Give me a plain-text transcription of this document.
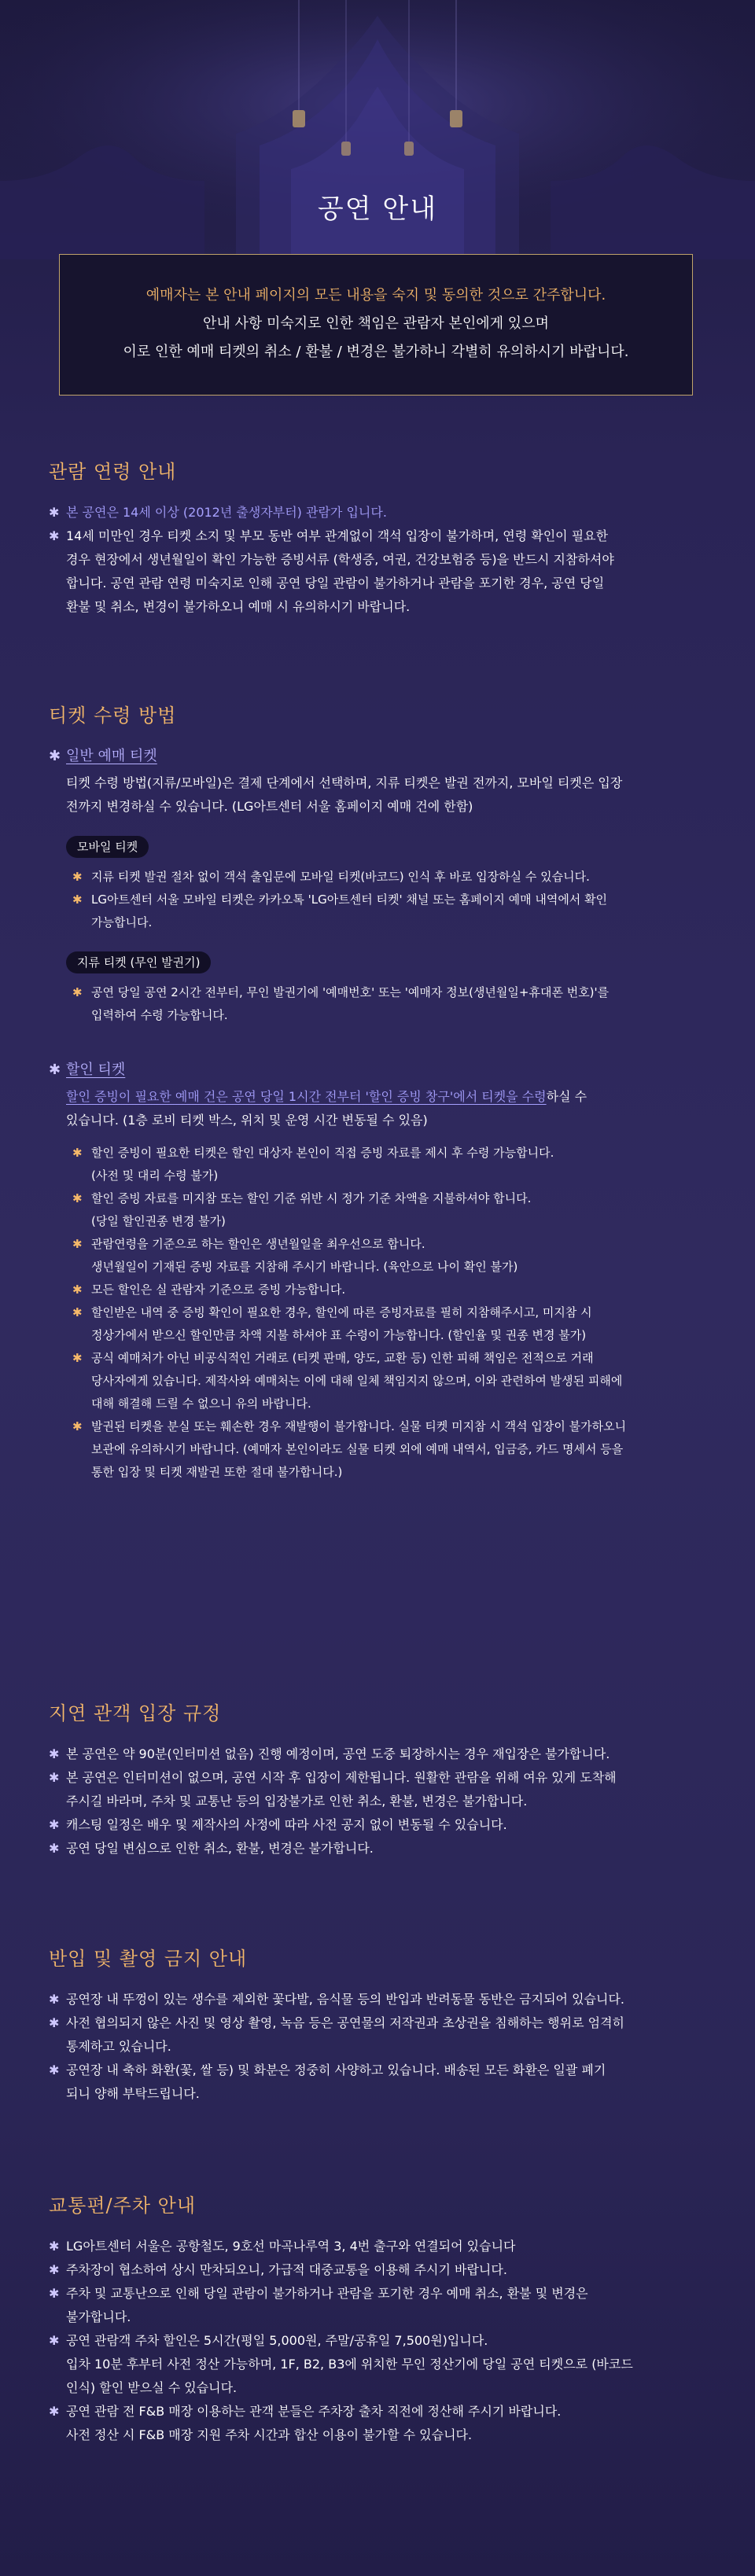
공연 안내
예매자는 본 안내 페이지의 모든 내용을 숙지 및 동의한 것으로 간주합니다.
안내 사항 미숙지로 인한 책임은 관람자 본인에게 있으며
이로 인한 예매 티켓의 취소 / 환불 / 변경은 불가하니 각별히 유의하시기 바랍니다.
관람 연령 안내
✱ 본 공연은 14세 이상 (2012년 출생자부터) 관람가 입니다.
✱ 14세 미만인 경우 티켓 소지 및 부모 동반 여부 관계없이 객석 입장이 불가하며, 연령 확인이 필요한
경우 현장에서 생년월일이 확인 가능한 증빙서류 (학생증, 여권, 건강보험증 등)을 반드시 지참하셔야
합니다. 공연 관람 연령 미숙지로 인해 공연 당일 관람이 불가하거나 관람을 포기한 경우, 공연 당일
환불 및 취소, 변경이 불가하오니 예매 시 유의하시기 바랍니다.
티켓 수령 방법
✱ 일반 예매 티켓
티켓 수령 방법(지류/모바일)은 결제 단계에서 선택하며, 지류 티켓은 발권 전까지, 모바일 티켓은 입장
전까지 변경하실 수 있습니다. (LG아트센터 서울 홈페이지 예매 건에 한함)
모바일 티켓
✱ 지류 티켓 발권 절차 없이 객석 출입문에 모바일 티켓(바코드) 인식 후 바로 입장하실 수 있습니다.
✱ LG아트센터 서울 모바일 티켓은 카카오톡 'LG아트센터 티켓' 채널 또는 홈페이지 예매 내역에서 확인
가능합니다.
지류 티켓 (무인 발권기)
✱ 공연 당일 공연 2시간 전부터, 무인 발권기에 '예매번호' 또는 '예매자 정보(생년월일+휴대폰 번호)'를
입력하여 수령 가능합니다.
✱ 할인 티켓
할인 증빙이 필요한 예매 건은 공연 당일 1시간 전부터 '할인 증빙 창구'에서 티켓을 수령하실 수
있습니다. (1층 로비 티켓 박스, 위치 및 운영 시간 변동될 수 있음)
✱ 할인 증빙이 필요한 티켓은 할인 대상자 본인이 직접 증빙 자료를 제시 후 수령 가능합니다.
(사전 및 대리 수령 불가)
✱ 할인 증빙 자료를 미지참 또는 할인 기준 위반 시 정가 기준 차액을 지불하셔야 합니다.
(당일 할인권종 변경 불가)
✱ 관람연령을 기준으로 하는 할인은 생년월일을 최우선으로 합니다.
생년월일이 기재된 증빙 자료를 지참해 주시기 바랍니다. (육안으로 나이 확인 불가)
✱ 모든 할인은 실 관람자 기준으로 증빙 가능합니다.
✱ 할인받은 내역 중 증빙 확인이 필요한 경우, 할인에 따른 증빙자료를 필히 지참해주시고, 미지참 시
정상가에서 받으신 할인만큼 차액 지불 하셔야 표 수령이 가능합니다. (할인율 및 권종 변경 불가)
✱ 공식 예매처가 아닌 비공식적인 거래로 (티켓 판매, 양도, 교환 등) 인한 피해 책임은 전적으로 거래
당사자에게 있습니다. 제작사와 예매처는 이에 대해 일체 책임지지 않으며, 이와 관련하여 발생된 피해에
대해 해결해 드릴 수 없으니 유의 바랍니다.
✱ 발권된 티켓을 분실 또는 훼손한 경우 재발행이 불가합니다. 실물 티켓 미지참 시 객석 입장이 불가하오니
보관에 유의하시기 바랍니다. (예매자 본인이라도 실물 티켓 외에 예매 내역서, 입금증, 카드 명세서 등을
통한 입장 및 티켓 재발권 또한 절대 불가합니다.)
지연 관객 입장 규정
✱ 본 공연은 약 90분(인터미션 없음) 진행 예정이며, 공연 도중 퇴장하시는 경우 재입장은 불가합니다.
✱ 본 공연은 인터미션이 없으며, 공연 시작 후 입장이 제한됩니다. 원활한 관람을 위해 여유 있게 도착해
주시길 바라며, 주차 및 교통난 등의 입장불가로 인한 취소, 환불, 변경은 불가합니다.
✱ 캐스팅 일정은 배우 및 제작사의 사정에 따라 사전 공지 없이 변동될 수 있습니다.
✱ 공연 당일 변심으로 인한 취소, 환불, 변경은 불가합니다.
반입 및 촬영 금지 안내
✱ 공연장 내 뚜껑이 있는 생수를 제외한 꽃다발, 음식물 등의 반입과 반려동물 동반은 금지되어 있습니다.
✱ 사전 협의되지 않은 사진 및 영상 촬영, 녹음 등은 공연물의 저작권과 초상권을 침해하는 행위로 엄격히
통제하고 있습니다.
✱ 공연장 내 축하 화환(꽃, 쌀 등) 및 화분은 정중히 사양하고 있습니다. 배송된 모든 화환은 일괄 폐기
되니 양해 부탁드립니다.
교통편/주차 안내
✱ LG아트센터 서울은 공항철도, 9호선 마곡나루역 3, 4번 출구와 연결되어 있습니다
✱ 주차장이 협소하여 상시 만차되오니, 가급적 대중교통을 이용해 주시기 바랍니다.
✱ 주차 및 교통난으로 인해 당일 관람이 불가하거나 관람을 포기한 경우 예매 취소, 환불 및 변경은
불가합니다.
✱ 공연 관람객 주차 할인은 5시간(평일 5,000원, 주말/공휴일 7,500원)입니다.
입차 10분 후부터 사전 정산 가능하며, 1F, B2, B3에 위치한 무인 정산기에 당일 공연 티켓으로 (바코드
인식) 할인 받으실 수 있습니다.
✱ 공연 관람 전 F&B 매장 이용하는 관객 분들은 주차장 출차 직전에 정산해 주시기 바랍니다.
사전 정산 시 F&B 매장 지원 주차 시간과 합산 이용이 불가할 수 있습니다.
